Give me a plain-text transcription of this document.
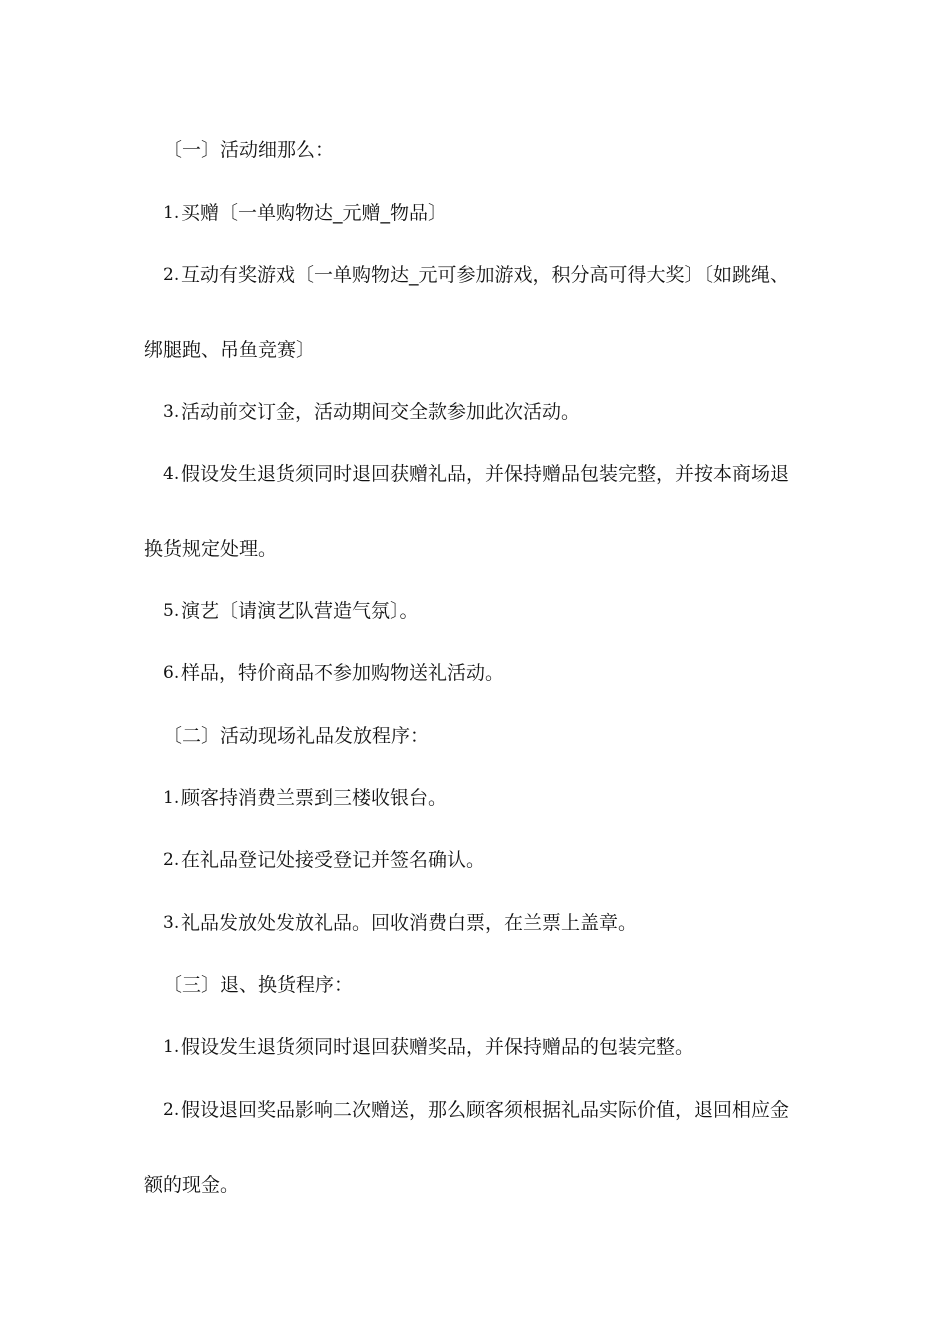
〔一〕活动细那么：
1. 买赠〔一单购物达_元赠_物品〕
2. 互动有奖游戏〔一单购物达_元可参加游戏，积分高可得大奖〕〔如跳绳、
绑腿跑、吊鱼竞赛〕
3. 活动前交订金，活动期间交全款参加此次活动。
4. 假设发生退货须同时退回获赠礼品，并保持赠品包装完整，并按本商场退
换货规定处理。
5. 演艺〔请演艺队营造气氛〕。
6. 样品，特价商品不参加购物送礼活动。
〔二〕活动现场礼品发放程序：
1. 顾客持消费兰票到三楼收银台。
2. 在礼品登记处接受登记并签名确认。
3. 礼品发放处发放礼品。回收消费白票，在兰票上盖章。
〔三〕退、换货程序：
1. 假设发生退货须同时退回获赠奖品，并保持赠品的包装完整。
2. 假设退回奖品影响二次赠送，那么顾客须根据礼品实际价值，退回相应金
额的现金。
